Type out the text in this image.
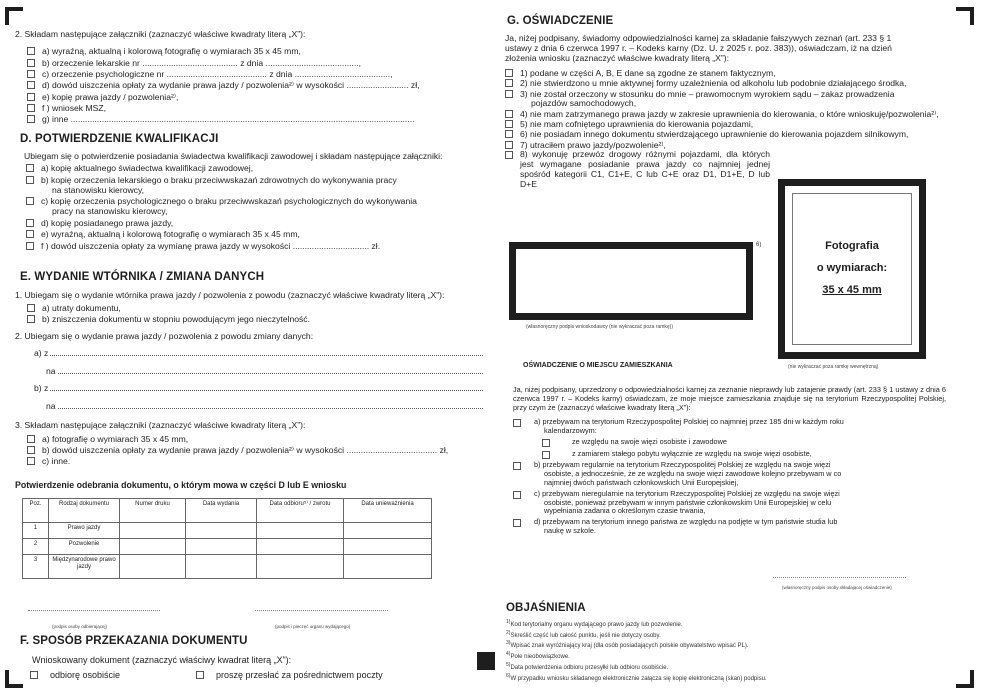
2. Składam następujące załączniki (zaznaczyć właściwe kwadraty literą „X”):
a) wyraźną, aktualną i kolorową fotografię o wymiarach 35 x 45 mm,
b) orzeczenie lekarskie nr ........................................ z dnia .......................................,
c) orzeczenie psychologiczne nr .......................................... z dnia ........................................,
d) dowód uiszczenia opłaty za wydanie prawa jazdy / pozwolenia²⁾ w wysokości .......................... zł,
e) kopię prawa jazdy / pozwolenia²⁾,
f ) wniosek MSZ,
g) inne ................................................................................................................................................
D. POTWIERDZENIE KWALIFIKACJI
Ubiegam się o potwierdzenie posiadania świadectwa kwalifikacji zawodowej i składam następujące załączniki:
a) kopię aktualnego świadectwa kwalifikacji zawodowej,
b) kopię orzeczenia lekarskiego o braku przeciwwskazań zdrowotnych do wykonywania pracy
na stanowisku kierowcy,
c) kopię orzeczenia psychologicznego o braku przeciwwskazań psychologicznych do wykonywania
pracy na stanowisku kierowcy,
d) kopię posiadanego prawa jazdy,
e) wyraźną, aktualną i kolorową fotografię o wymiarach 35 x 45 mm,
f ) dowód uiszczenia opłaty za wymianę prawa jazdy w wysokości ................................ zł.
E. WYDANIE WTÓRNIKA / ZMIANA DANYCH
1. Ubiegam się o wydanie wtórnika prawa jazdy / pozwolenia z powodu (zaznaczyć właściwe kwadraty literą „X”):
a) utraty dokumentu,
b) zniszczenia dokumentu w stopniu powodującym jego nieczytelność.
2. Ubiegam się o wydanie prawa jazdy / pozwolenia z powodu zmiany danych:
a) z
na
b) z
na
3. Składam następujące załączniki (zaznaczyć właściwe kwadraty literą „X”):
a) fotografię o wymiarach 35 x 45 mm,
b) dowód uiszczenia opłaty za wydanie prawa jazdy / pozwolenia²⁾ w wysokości ...................................... zł,
c) inne.
Potwierdzenie odebrania dokumentu, o którym mowa w części D lub E wniosku
Poz.	Rodzaj dokumentu	Numer druku	Data wydania	Data odbioru⁵⁾ / zwrotu	Data unieważnienia
1	Prawo jazdy				
2	Pozwolenie				
3	Międzynarodowe prawo jazdy				
(podpis osoby odbierającej)	(podpis i pieczęć organu wydającego)
F. SPOSÓB PRZEKAZANIA DOKUMENTU
Wnioskowany dokument (zaznaczyć właściwy kwadrat literą „X”):
odbiorę osobiście	proszę przesłać za pośrednictwem poczty
G. OŚWIADCZENIE
Ja, niżej podpisany, świadomy odpowiedzialności karnej za składanie fałszywych zeznań (art. 233 § 1 ustawy z dnia 6 czerwca 1997 r. – Kodeks karny (Dz. U. z 2025 r. poz. 383)), oświadczam, iż na dzień złożenia wniosku (zaznaczyć właściwe kwadraty literą „X”):
1) podane w części A, B, E dane są zgodne ze stanem faktycznym,
2) nie stwierdzono u mnie aktywnej formy uzależnienia od alkoholu lub podobnie działającego środka,
3) nie został orzeczony w stosunku do mnie – prawomocnym wyrokiem sądu – zakaz prowadzenia
pojazdów samochodowych,
4) nie mam zatrzymanego prawa jazdy w zakresie uprawnienia do kierowania, o które wnioskuję/pozwolenia²⁾,
5) nie mam cofniętego uprawnienia do kierowania pojazdami,
6) nie posiadam innego dokumentu stwierdzającego uprawnienie do kierowania pojazdem silnikowym,
7) utraciłem prawo jazdy/pozwolenie²⁾,
8) wykonuję przewóz drogowy różnymi pojazdami, dla których jest wymagane posiadanie prawa jazdy co najmniej jednej spośród kategorii C1, C1+E, C lub C+E oraz D1, D1+E, D lub D+E
6)
(własnoręczny podpis wnioskodawcy (nie wykraczać poza ramkę))
Fotografia
o wymiarach:
35 x 45 mm
(nie wykraczać poza ramkę wewnętrzną)
OŚWIADCZENIE O MIEJSCU ZAMIESZKANIA
Ja, niżej podpisany, uprzedzony o odpowiedzialności karnej za zeznanie nieprawdy lub zatajenie prawdy (art. 233 § 1 ustawy z dnia 6 czerwca 1997 r. – Kodeks karny) oświadczam, że moje miejsce zamieszkania znajduje się na terytorium Rzeczypospolitej Polskiej, przy czym że (zaznaczyć właściwe kwadraty literą „X”):
a) przebywam na terytorium Rzeczypospolitej Polskiej co najmniej przez 185 dni w każdym roku
kalendarzowym:
ze względu na swoje więzi osobiste i zawodowe
z zamiarem stałego pobytu wyłącznie ze względu na swoje więzi osobiste,
b) przebywam regularnie na terytorium Rzeczypospolitej Polskiej ze względu na swoje więzi
osobiste, a jednocześnie, że ze względu na swoje więzi zawodowe kolejno przebywam w co
najmniej dwóch państwach członkowskich Unii Europejskiej,
c) przebywam nieregularnie na terytorium Rzeczypospolitej Polskiej ze względu na swoje więzi
osobiste, ponieważ przebywam w innym państwie członkowskim Unii Europejskiej w celu
wypełniania zadania o określonym czasie trwania,
d) przebywam na terytorium innego państwa ze względu na podjęte w tym państwie studia lub
naukę w szkole.
(własnoręczny podpis osoby składającej oświadczenie)
OBJAŚNIENIA
$^{1)}$Kod terytorialny organu wydającego prawo jazdy lub pozwolenie.
$^{2)}$Skreślić część lub całość punktu, jeśli nie dotyczy osoby.
$^{3)}$Wpisać znak wyróżniający kraj (dla osób posiadających polskie obywatelstwo wpisać PL).
$^{4)}$Pole nieobowiązkowe.
$^{5)}$Data potwierdzenia odbioru przesyłki lub odbioru osobiście.
$^{6)}$W przypadku wniosku składanego elektronicznie załącza się kopię elektroniczną (skan) podpisu.
